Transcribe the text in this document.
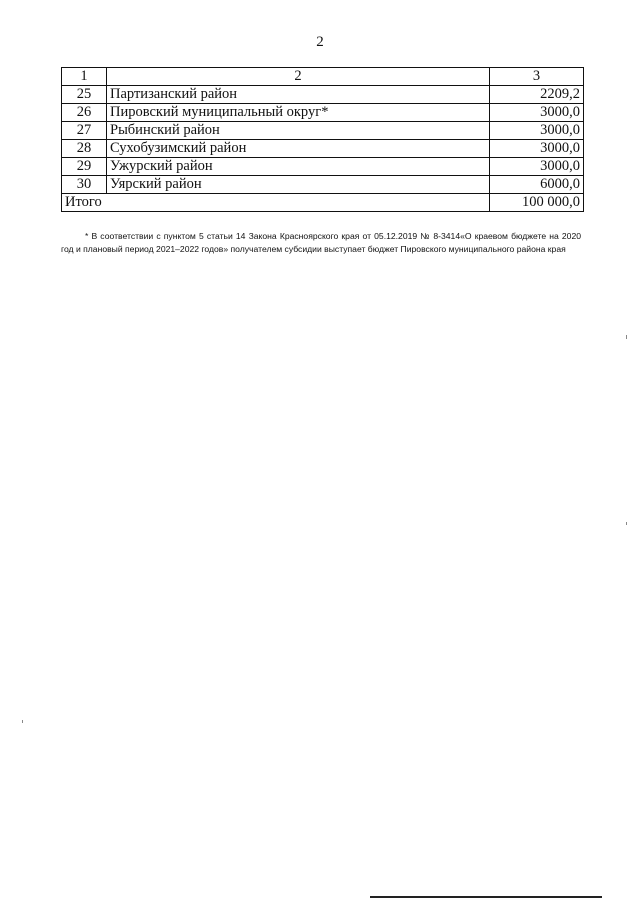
2
1	2	3
25	Партизанский район	2209,2
26	Пировский муниципальный округ*	3000,0
27	Рыбинский район	3000,0
28	Сухобузимский район	3000,0
29	Ужурский район	3000,0
30	Уярский район	6000,0
Итого		100 000,0
* В соответствии с пунктом 5 статьи 14 Закона Красноярского края от 05.12.2019 № 8-3414«О краевом бюджете на 2020 год и плановый период 2021–2022 годов» получателем субсидии выступает бюджет Пировского муниципального района края
